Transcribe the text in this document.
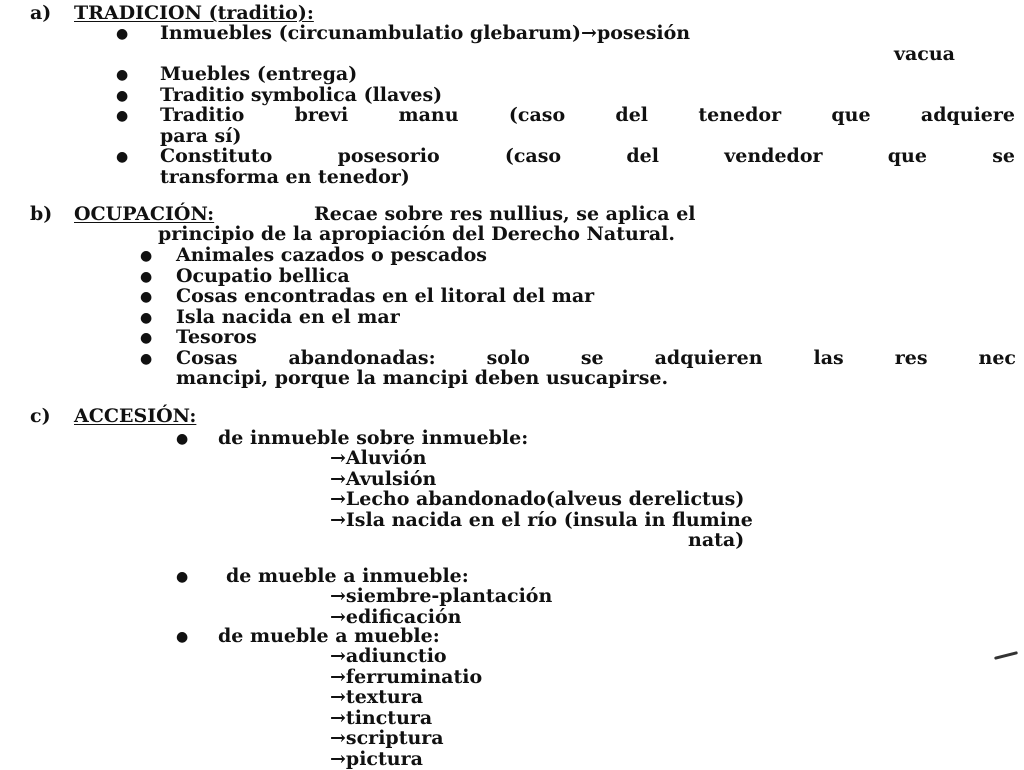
a) TRADICION (traditio):
● Inmuebles (circunambulatio glebarum)→posesión
vacua
● Muebles (entrega)
● Traditio symbolica (llaves)
● Traditio brevi manu (caso del tenedor que adquiere
para sí)
● Constituto posesorio (caso del vendedor que se
transforma en tenedor)
b) OCUPACIÓN:	Recae sobre res nullius, se aplica el
principio de la apropiación del Derecho Natural.
● Animales cazados o pescados
● Ocupatio bellica
● Cosas encontradas en el litoral del mar
● Isla nacida en el mar
● Tesoros
● Cosas abandonadas: solo se adquieren las res nec
mancipi, porque la mancipi deben usucapirse.
c) ACCESIÓN:
● de inmueble sobre inmueble:
→Aluvión
→Avulsión
→Lecho abandonado(alveus derelictus)
→Isla nacida en el río (insula in flumine
nata)
● de mueble a inmueble:
→siembre-plantación
→edificación
● de mueble a mueble:
→adiunctio
→ferruminatio
→textura
→tinctura
→scriptura
→pictura
